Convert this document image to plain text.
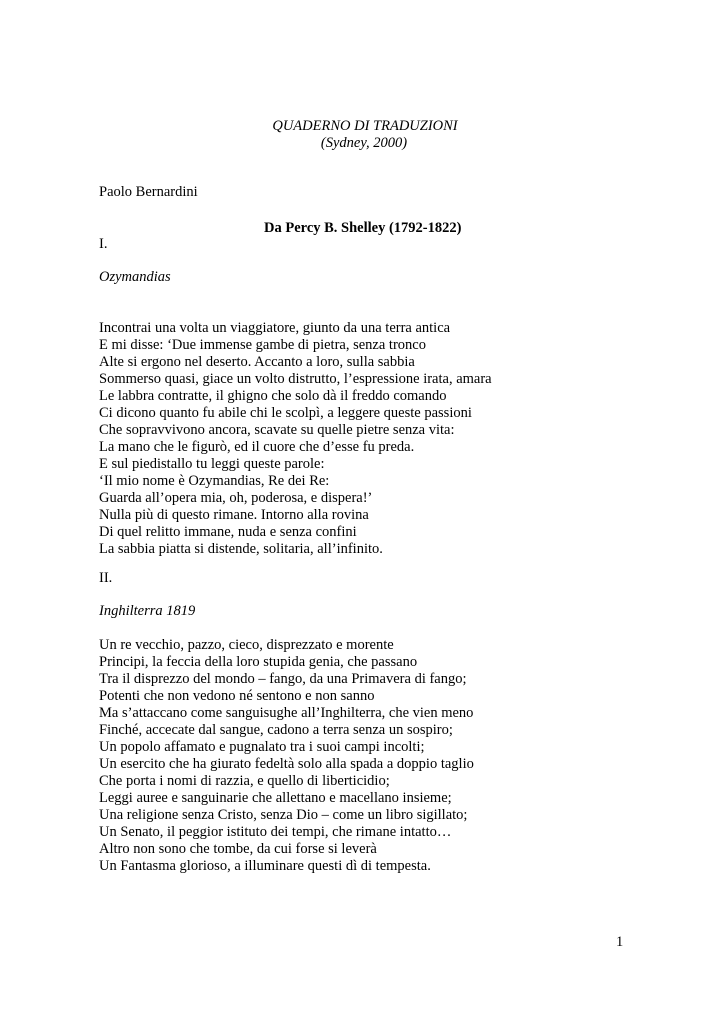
QUADERNO DI TRADUZIONI
(Sydney, 2000)
Paolo Bernardini
Da Percy B. Shelley (1792-1822)
I.
Ozymandias
Incontrai una volta un viaggiatore, giunto da una terra antica
E mi disse: ‘Due immense gambe di pietra, senza tronco
Alte si ergono nel deserto. Accanto a loro, sulla sabbia
Sommerso quasi, giace un volto distrutto, l’espressione irata, amara
Le labbra contratte, il ghigno che solo dà il freddo comando
Ci dicono quanto fu abile chi le scolpì, a leggere queste passioni
Che sopravvivono ancora, scavate su quelle pietre senza vita:
La mano che le figurò, ed il cuore che d’esse fu preda.
E sul piedistallo tu leggi queste parole:
‘Il mio nome è Ozymandias, Re dei Re:
Guarda all’opera mia, oh, poderosa, e dispera!’
Nulla più di questo rimane. Intorno alla rovina
Di quel relitto immane, nuda e senza confini
La sabbia piatta si distende, solitaria, all’infinito.
II.
Inghilterra 1819
Un re vecchio, pazzo, cieco, disprezzato e morente
Principi, la feccia della loro stupida genia, che passano
Tra il disprezzo del mondo – fango, da una Primavera di fango;
Potenti che non vedono né sentono e non sanno
Ma s’attaccano come sanguisughe all’Inghilterra, che vien meno
Finché, accecate dal sangue, cadono a terra senza un sospiro;
Un popolo affamato e pugnalato tra i suoi campi incolti;
Un esercito che ha giurato fedeltà solo alla spada a doppio taglio
Che porta i nomi di razzia, e quello di liberticidio;
Leggi auree e sanguinarie che allettano e macellano insieme;
Una religione senza Cristo, senza Dio – come un libro sigillato;
Un Senato, il peggior istituto dei tempi, che rimane intatto…
Altro non sono che tombe, da cui forse si leverà
Un Fantasma glorioso, a illuminare questi dì di tempesta.
1
